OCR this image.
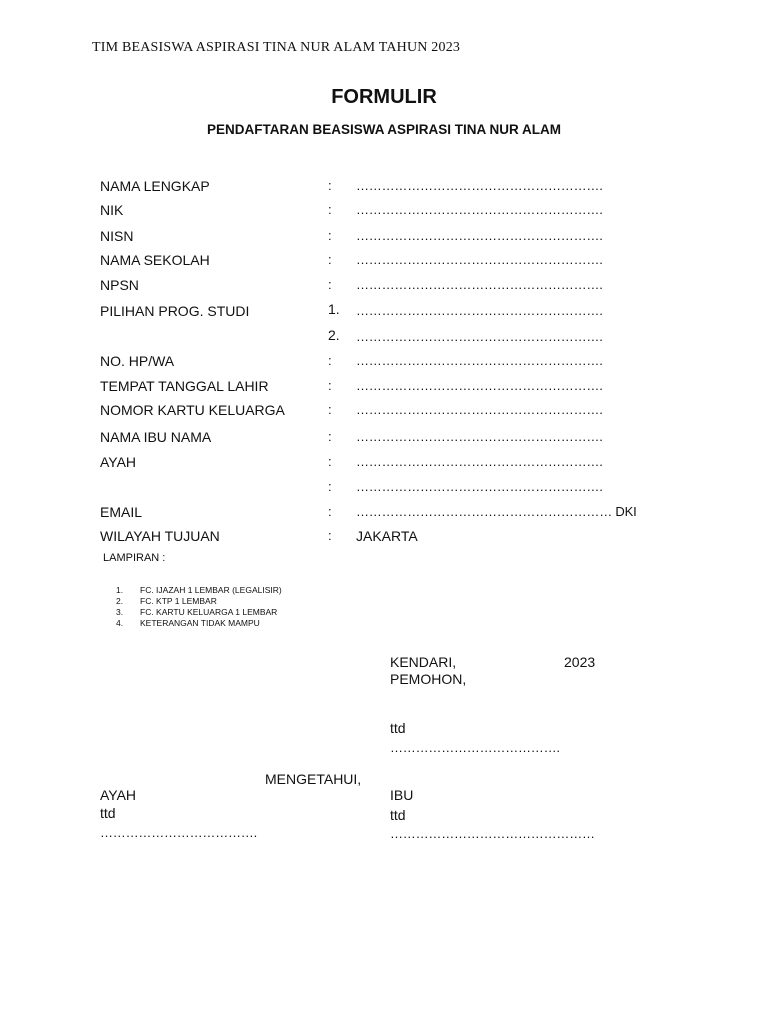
TIM BEASISWA ASPIRASI TINA NUR ALAM TAHUN 2023
FORMULIR
PENDAFTARAN BEASISWA ASPIRASI TINA NUR ALAM
NAMA LENGKAP	: ………………………………………………….
NIK	: ………………………………………………….
NISN	: ………………………………………………….
NAMA SEKOLAH	: ………………………………………………….
NPSN	: ………………………………………………….
PILIHAN PROG. STUDI	1. ………………………………………………….
2. ………………………………………………….
NO. HP/WA	: ………………………………………………….
TEMPAT TANGGAL LAHIR	: ………………………………………………….
NOMOR KARTU KELUARGA	: ………………………………………………….
NAMA IBU NAMA	: ………………………………………………….
AYAH	: ………………………………………………….
: ………………………………………………….
EMAIL	: …………………………………………………… DKI
WILAYAH TUJUAN	: JAKARTA
LAMPIRAN :
1. FC. IJAZAH 1 LEMBAR (LEGALISIR)
2. FC. KTP 1 LEMBAR
3. FC. KARTU KELUARGA 1 LEMBAR
4. KETERANGAN TIDAK MAMPU
KENDARI,	2023
PEMOHON,
ttd
………………………………….
MENGETAHUI,
AYAH
ttd
……………………………….
IBU
ttd
…………………………………………
